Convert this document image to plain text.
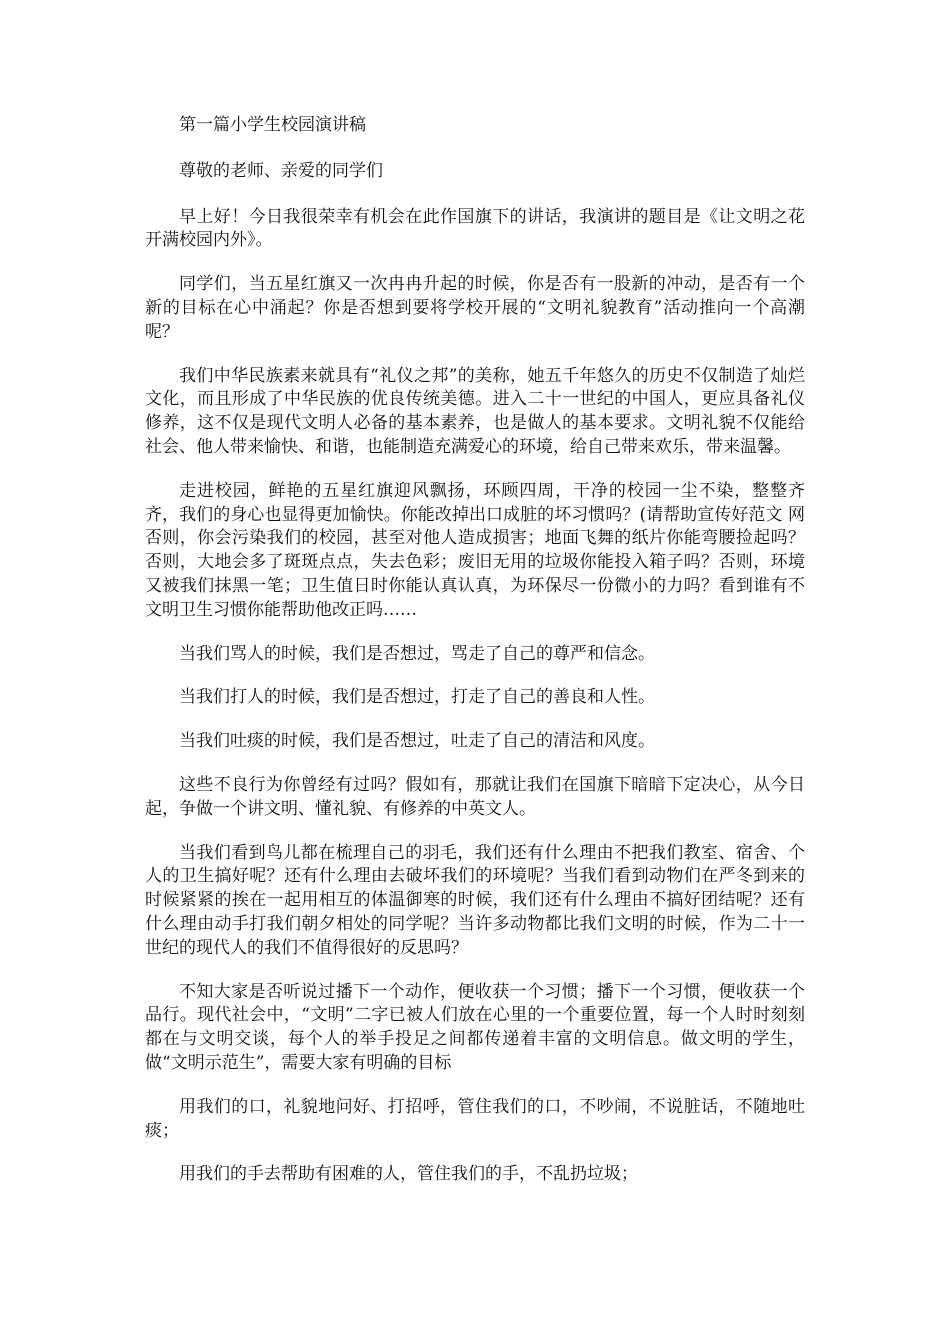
第一篇小学生校园演讲稿

尊敬的老师、亲爱的同学们

早上好！今日我很荣幸有机会在此作国旗下的讲话，我演讲的题目是《让文明之花开满校园内外》。

同学们，当五星红旗又一次冉冉升起的时候，你是否有一股新的冲动，是否有一个新的目标在心中涌起？你是否想到要将学校开展的“文明礼貌教育”活动推向一个高潮呢？

我们中华民族素来就具有“礼仪之邦”的美称，她五千年悠久的历史不仅制造了灿烂文化，而且形成了中华民族的优良传统美德。进入二十一世纪的中国人，更应具备礼仪修养，这不仅是现代文明人必备的基本素养，也是做人的基本要求。文明礼貌不仅能给社会、他人带来愉快、和谐，也能制造充满爱心的环境，给自己带来欢乐，带来温馨。

走进校园，鲜艳的五星红旗迎风飘扬，环顾四周，干净的校园一尘不染，整整齐齐，我们的身心也显得更加愉快。你能改掉出口成脏的坏习惯吗？(请帮助宣传好范文 网否则，你会污染我们的校园，甚至对他人造成损害；地面飞舞的纸片你能弯腰捡起吗？否则，大地会多了斑斑点点，失去色彩；废旧无用的垃圾你能投入箱子吗？否则，环境又被我们抹黑一笔；卫生值日时你能认真认真，为环保尽一份微小的力吗？看到谁有不文明卫生习惯你能帮助他改正吗……

当我们骂人的时候，我们是否想过，骂走了自己的尊严和信念。

当我们打人的时候，我们是否想过，打走了自己的善良和人性。

当我们吐痰的时候，我们是否想过，吐走了自己的清洁和风度。

这些不良行为你曾经有过吗？假如有，那就让我们在国旗下暗暗下定决心，从今日起，争做一个讲文明、懂礼貌、有修养的中英文人。

当我们看到鸟儿都在梳理自己的羽毛，我们还有什么理由不把我们教室、宿舍、个人的卫生搞好呢？还有什么理由去破坏我们的环境呢？当我们看到动物们在严冬到来的时候紧紧的挨在一起用相互的体温御寒的时候，我们还有什么理由不搞好团结呢？还有什么理由动手打我们朝夕相处的同学呢？当许多动物都比我们文明的时候，作为二十一世纪的现代人的我们不值得很好的反思吗？

不知大家是否听说过播下一个动作，便收获一个习惯；播下一个习惯，便收获一个品行。现代社会中，“文明”二字已被人们放在心里的一个重要位置，每一个人时时刻刻都在与文明交谈，每个人的举手投足之间都传递着丰富的文明信息。做文明的学生，做“文明示范生”，需要大家有明确的目标

用我们的口，礼貌地问好、打招呼，管住我们的口，不吵闹，不说脏话，不随地吐痰；

用我们的手去帮助有困难的人，管住我们的手，不乱扔垃圾；
